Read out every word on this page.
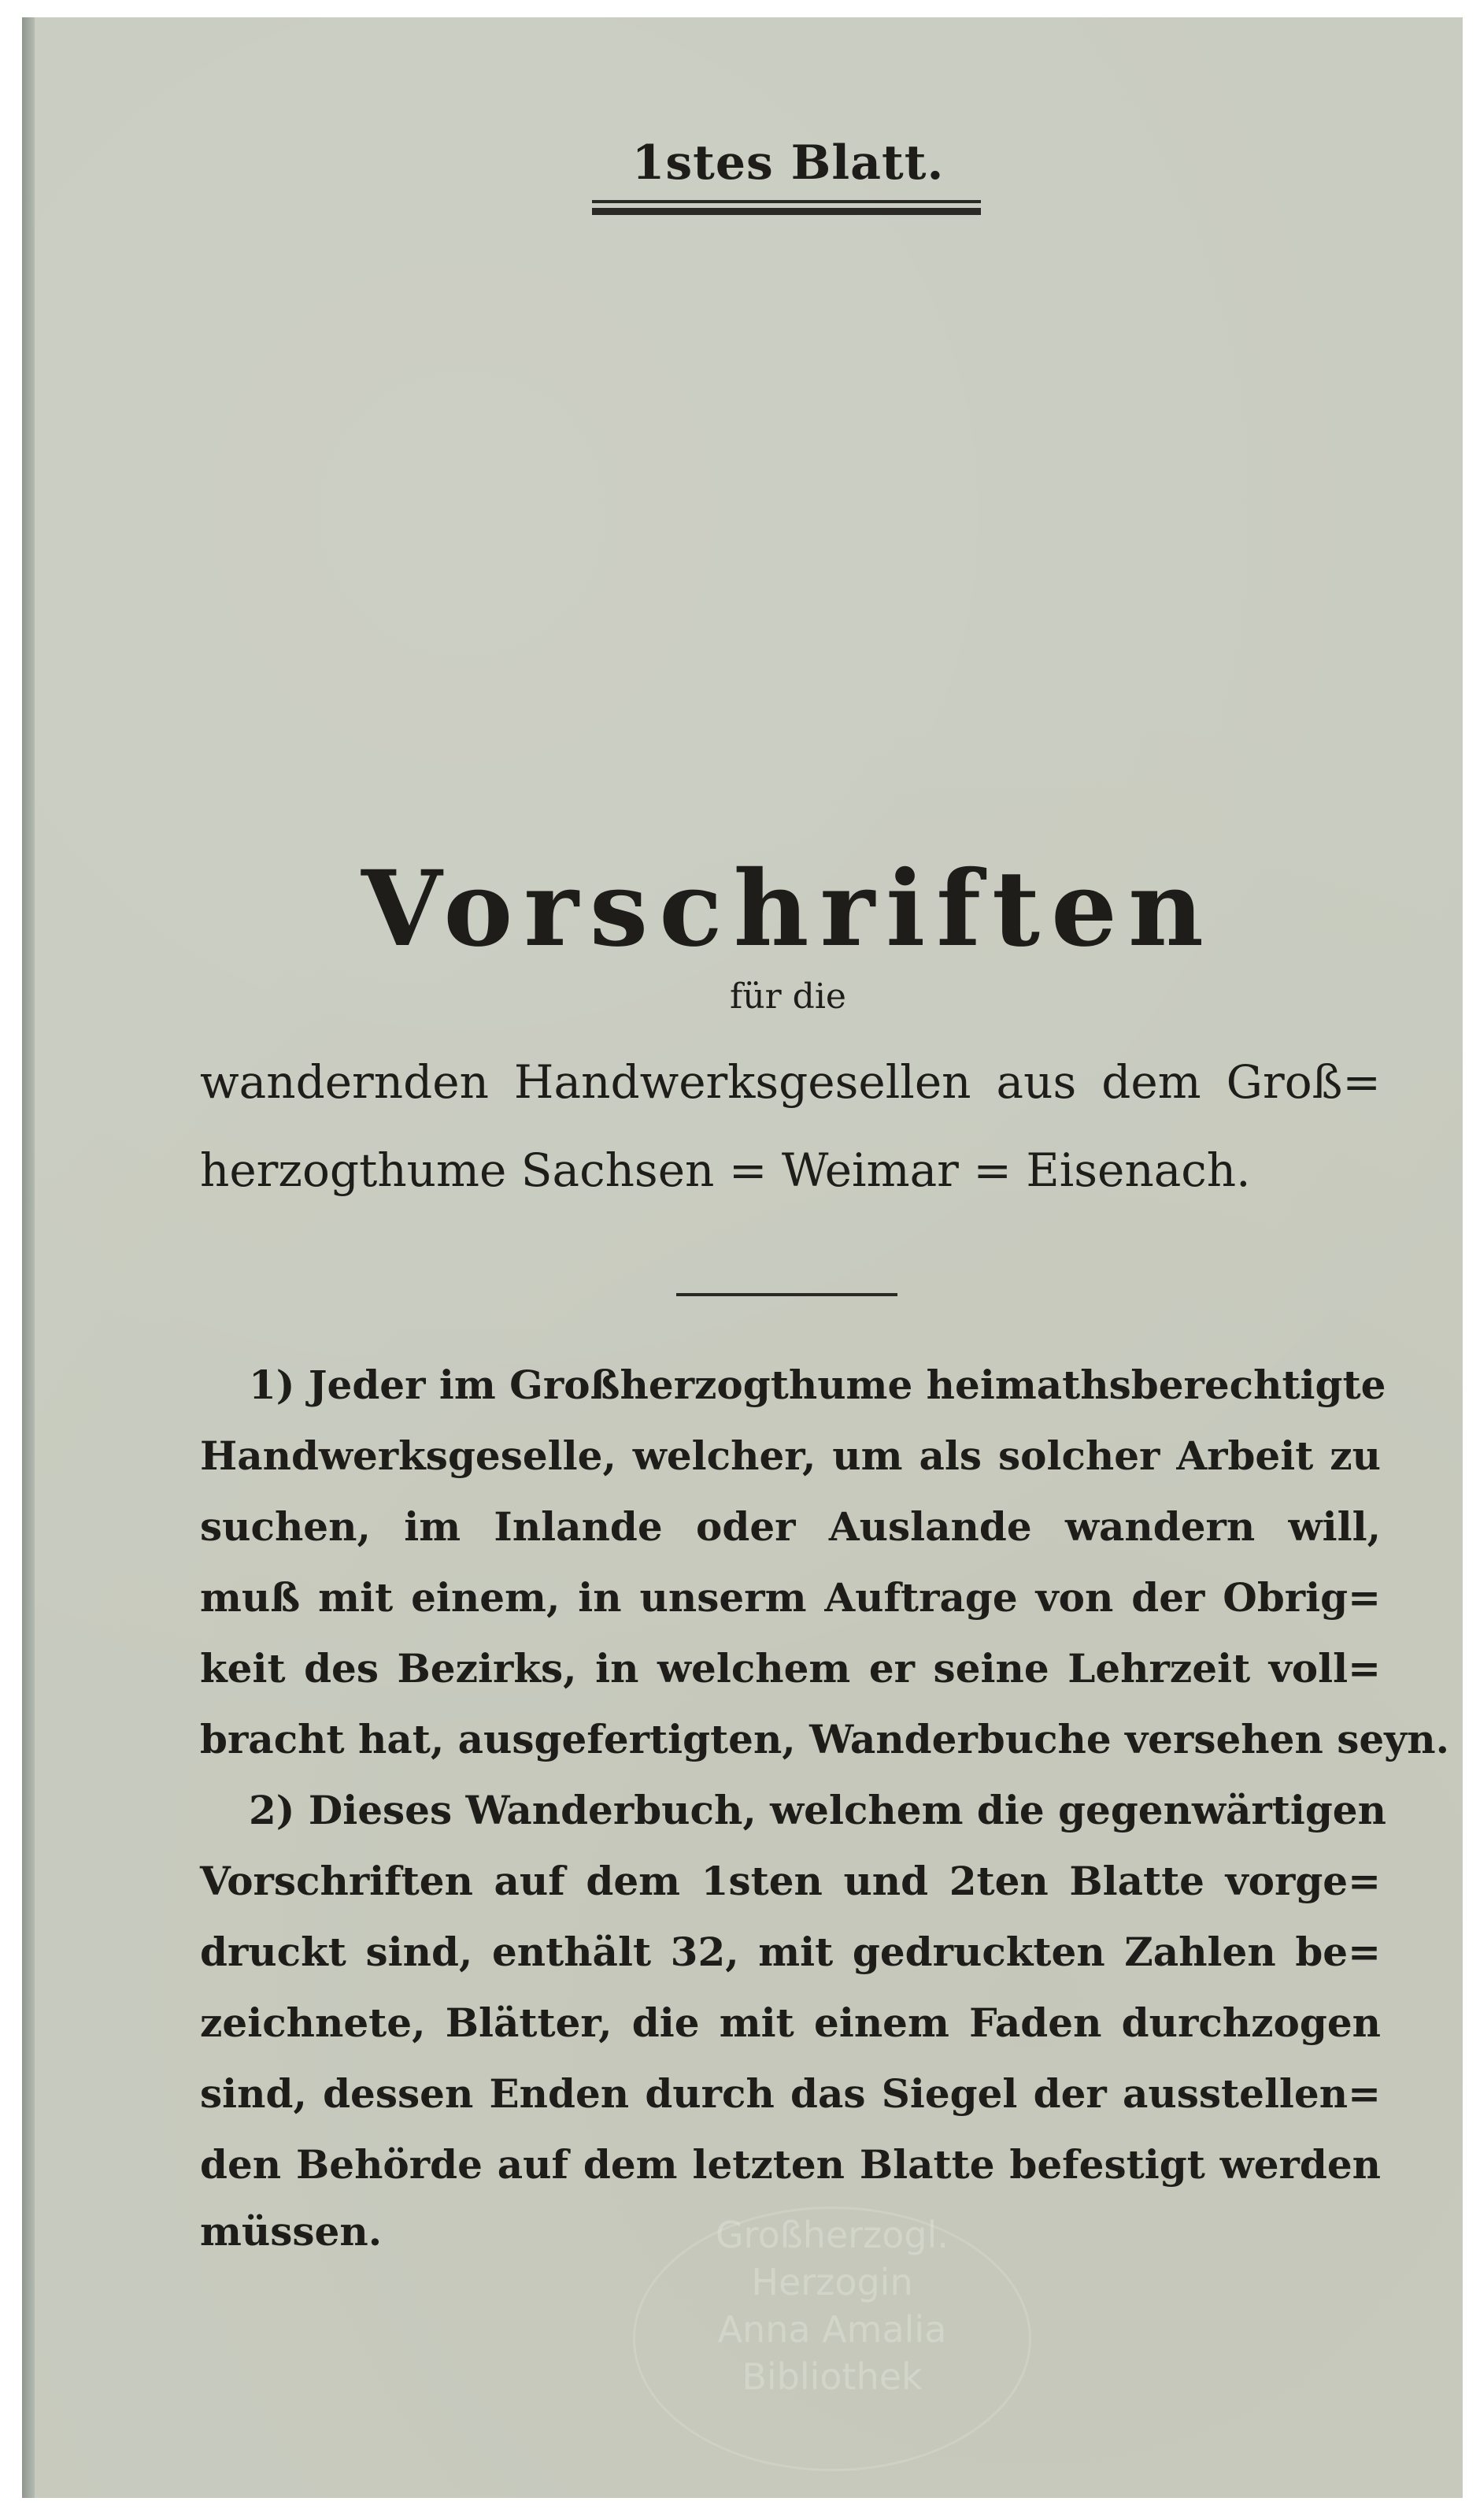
1stes Blatt.
Vorschriften
für die
wandernden Handwerksgesellen aus dem Groß=
herzogthume Sachsen = Weimar = Eisenach.
1) Jeder im Großherzogthume heimathsberechtigte
Handwerksgeselle, welcher, um als solcher Arbeit zu
suchen, im Inlande oder Auslande wandern will,
muß mit einem, in unserm Auftrage von der Obrig=
keit des Bezirks, in welchem er seine Lehrzeit voll=
bracht hat, ausgefertigten, Wanderbuche versehen seyn.
2) Dieses Wanderbuch, welchem die gegenwärtigen
Vorschriften auf dem 1sten und 2ten Blatte vorge=
druckt sind, enthält 32, mit gedruckten Zahlen be=
zeichnete, Blätter, die mit einem Faden durchzogen
sind, dessen Enden durch das Siegel der ausstellen=
den Behörde auf dem letzten Blatte befestigt werden
müssen.	Großherzogl.
Herzogin
Anna Amalia
Bibliothek
